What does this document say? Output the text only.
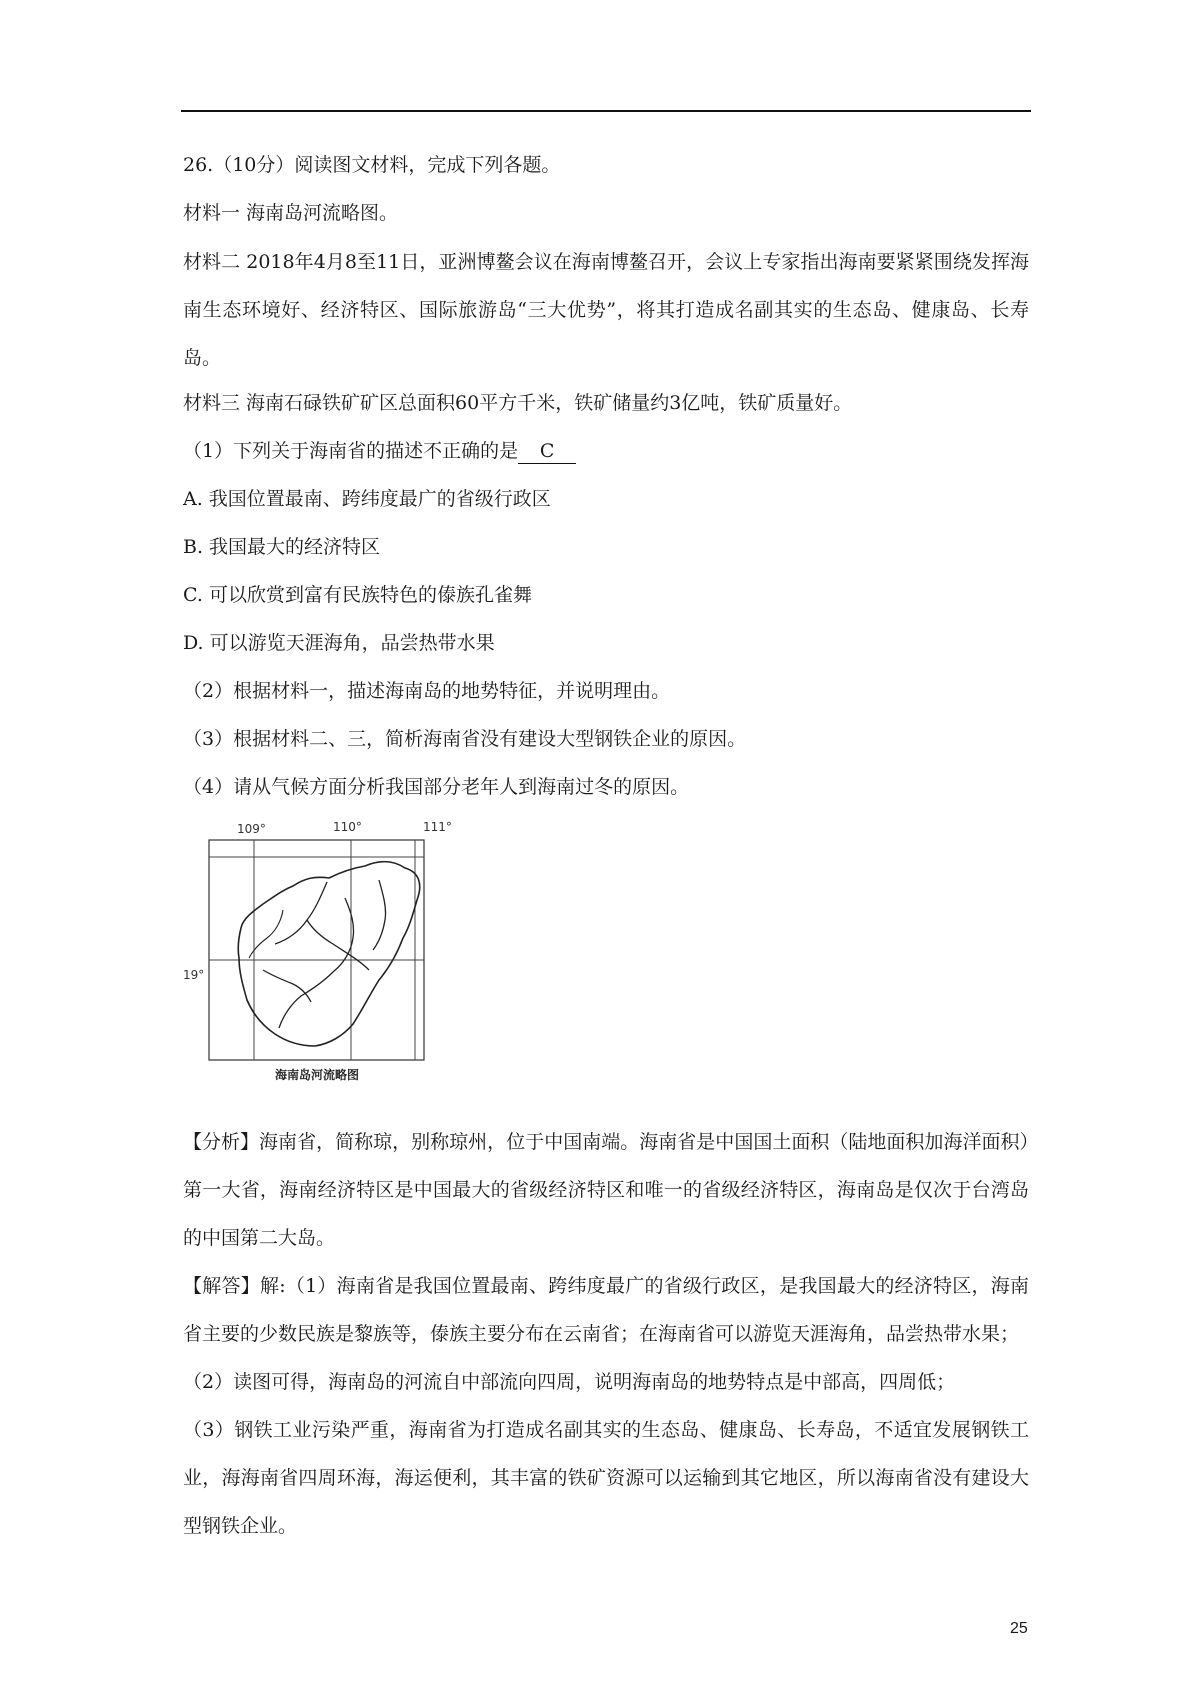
26.（10分）阅读图文材料，完成下列各题。
材料一 海南岛河流略图。
材料二 2018年4月8至11日，亚洲博鳌会议在海南博鳌召开，会议上专家指出海南要紧紧围绕发挥海南生态环境好、经济特区、国际旅游岛“三大优势”，将其打造成名副其实的生态岛、健康岛、长寿岛。
材料三 海南石碌铁矿矿区总面积60平方千米，铁矿储量约3亿吨，铁矿质量好。
（1）下列关于海南省的描述不正确的是 C
A. 我国位置最南、跨纬度最广的省级行政区
B. 我国最大的经济特区
C. 可以欣赏到富有民族特色的傣族孔雀舞
D. 可以游览天涯海角，品尝热带水果
（2）根据材料一，描述海南岛的地势特征，并说明理由。
（3）根据材料二、三，简析海南省没有建设大型钢铁企业的原因。
（4）请从气候方面分析我国部分老年人到海南过冬的原因。
109°	110°	111°
19°
海南岛河流略图
【分析】海南省，简称琼，别称琼州，位于中国南端。海南省是中国国土面积（陆地面积加海洋面积）第一大省，海南经济特区是中国最大的省级经济特区和唯一的省级经济特区，海南岛是仅次于台湾岛的中国第二大岛。
【解答】解:（1）海南省是我国位置最南、跨纬度最广的省级行政区，是我国最大的经济特区，海南省主要的少数民族是黎族等，傣族主要分布在云南省；在海南省可以游览天涯海角，品尝热带水果；
（2）读图可得，海南岛的河流自中部流向四周，说明海南岛的地势特点是中部高，四周低；
（3）钢铁工业污染严重，海南省为打造成名副其实的生态岛、健康岛、长寿岛，不适宜发展钢铁工业，海海南省四周环海，海运便利，其丰富的铁矿资源可以运输到其它地区，所以海南省没有建设大型钢铁企业。
25
